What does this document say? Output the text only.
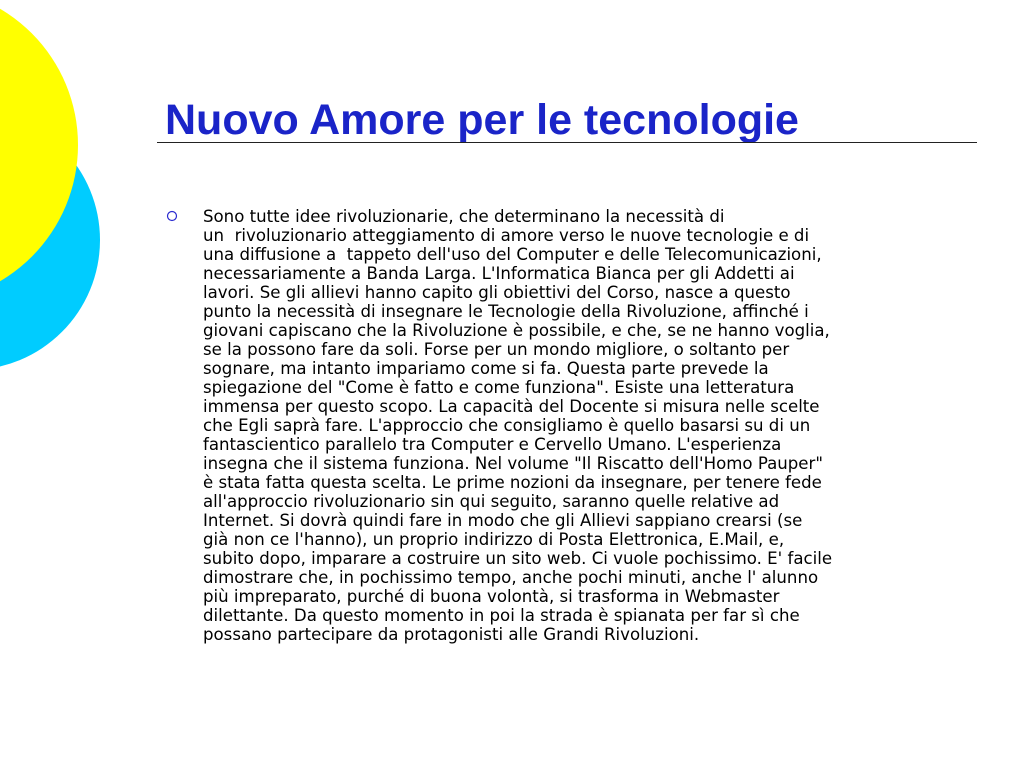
Nuovo Amore per le tecnologie

Sono tutte idee rivoluzionarie, che determinano la necessità di
un  rivoluzionario atteggiamento di amore verso le nuove tecnologie e di
una diffusione a  tappeto dell'uso del Computer e delle Telecomunicazioni,
necessariamente a Banda Larga. L'Informatica Bianca per gli Addetti ai
lavori. Se gli allievi hanno capito gli obiettivi del Corso, nasce a questo
punto la necessità di insegnare le Tecnologie della Rivoluzione, affinché i
giovani capiscano che la Rivoluzione è possibile, e che, se ne hanno voglia,
se la possono fare da soli. Forse per un mondo migliore, o soltanto per
sognare, ma intanto impariamo come si fa. Questa parte prevede la
spiegazione del "Come è fatto e come funziona". Esiste una letteratura
immensa per questo scopo. La capacità del Docente si misura nelle scelte
che Egli saprà fare. L'approccio che consigliamo è quello basarsi su di un
fantascientico parallelo tra Computer e Cervello Umano. L'esperienza
insegna che il sistema funziona. Nel volume "Il Riscatto dell'Homo Pauper"
è stata fatta questa scelta. Le prime nozioni da insegnare, per tenere fede
all'approccio rivoluzionario sin qui seguito, saranno quelle relative ad
Internet. Si dovrà quindi fare in modo che gli Allievi sappiano crearsi (se
già non ce l'hanno), un proprio indirizzo di Posta Elettronica, E.Mail, e,
subito dopo, imparare a costruire un sito web. Ci vuole pochissimo. E' facile
dimostrare che, in pochissimo tempo, anche pochi minuti, anche l' alunno
più impreparato, purché di buona volontà, si trasforma in Webmaster
dilettante. Da questo momento in poi la strada è spianata per far sì che
possano partecipare da protagonisti alle Grandi Rivoluzioni.
